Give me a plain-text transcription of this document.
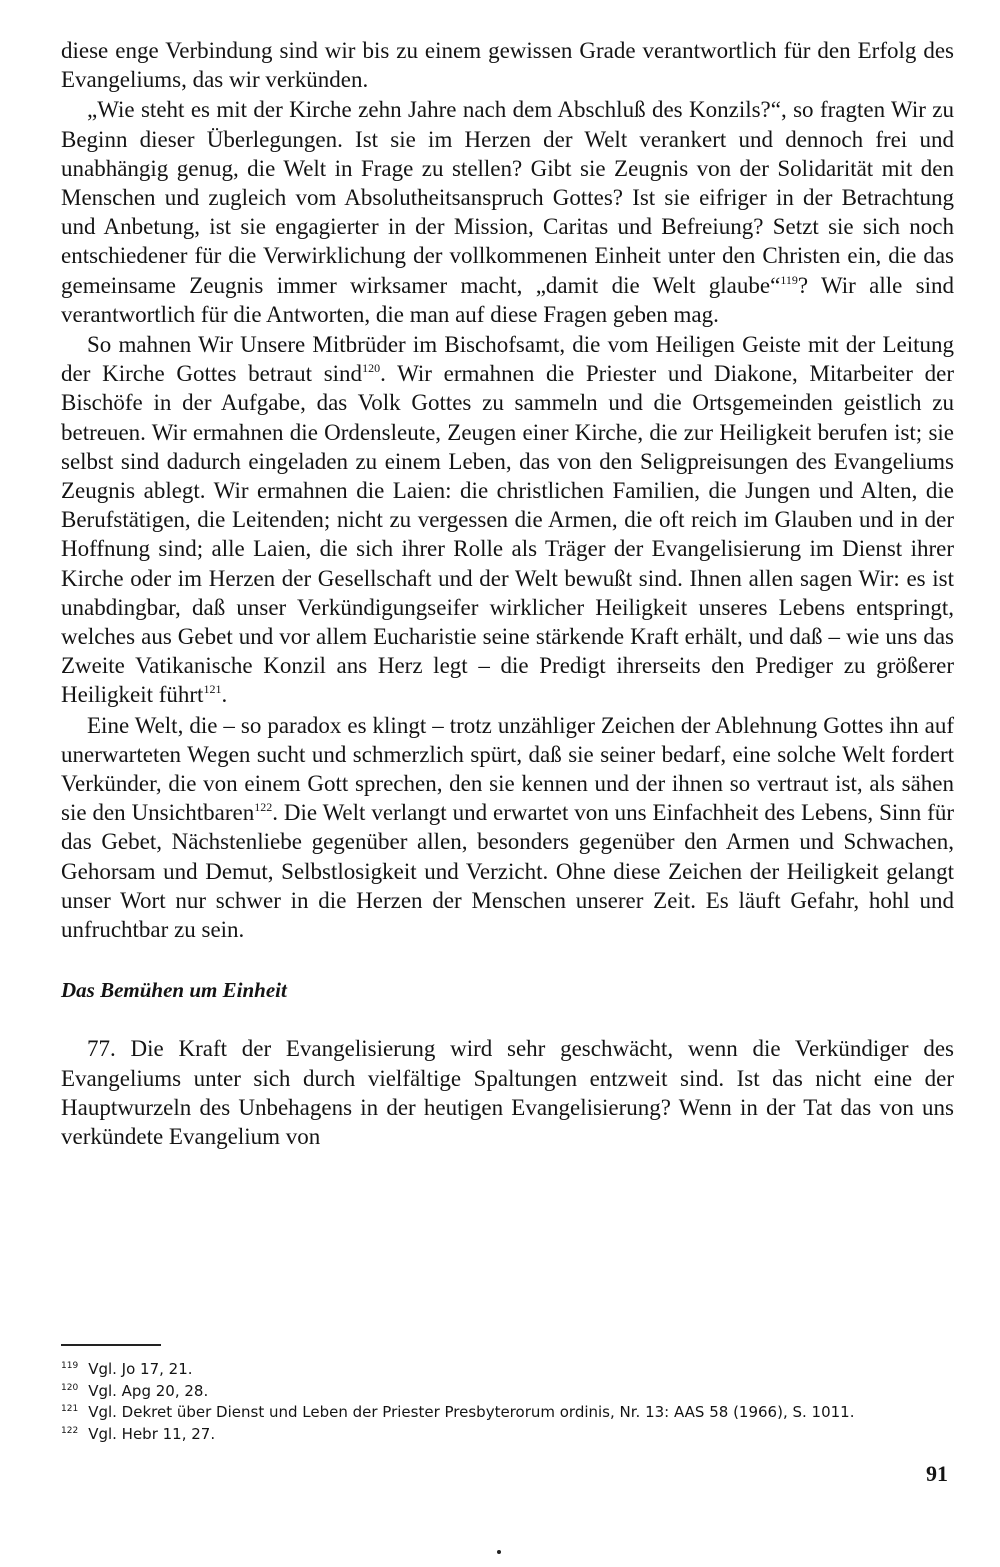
diese enge Verbindung sind wir bis zu einem gewissen Grade verantwortlich für den Erfolg des Evangeliums, das wir verkünden.

„Wie steht es mit der Kirche zehn Jahre nach dem Abschluß des Konzils?“, so fragten Wir zu Beginn dieser Überlegungen. Ist sie im Herzen der Welt verankert und dennoch frei und unabhängig genug, die Welt in Frage zu stellen? Gibt sie Zeugnis von der Solidarität mit den Menschen und zugleich vom Absolutheitsanspruch Gottes? Ist sie eifriger in der Betrachtung und Anbetung, ist sie engagierter in der Mission, Caritas und Befreiung? Setzt sie sich noch entschiedener für die Verwirklichung der vollkommenen Einheit unter den Christen ein, die das gemeinsame Zeugnis immer wirksamer macht, „damit die Welt glaube“$^{119}$? Wir alle sind verantwortlich für die Antworten, die man auf diese Fragen geben mag.

So mahnen Wir Unsere Mitbrüder im Bischofsamt, die vom Heiligen Geiste mit der Leitung der Kirche Gottes betraut sind$^{120}$. Wir ermahnen die Priester und Diakone, Mitarbeiter der Bischöfe in der Aufgabe, das Volk Gottes zu sammeln und die Ortsgemeinden geistlich zu betreuen. Wir ermahnen die Ordensleute, Zeugen einer Kirche, die zur Heiligkeit berufen ist; sie selbst sind dadurch eingeladen zu einem Leben, das von den Seligpreisungen des Evangeliums Zeugnis ablegt. Wir ermahnen die Laien: die christlichen Familien, die Jungen und Alten, die Berufstätigen, die Leitenden; nicht zu vergessen die Armen, die oft reich im Glauben und in der Hoffnung sind; alle Laien, die sich ihrer Rolle als Träger der Evangelisierung im Dienst ihrer Kirche oder im Herzen der Gesellschaft und der Welt bewußt sind. Ihnen allen sagen Wir: es ist unabdingbar, daß unser Verkündigungseifer wirklicher Heiligkeit unseres Lebens entspringt, welches aus Gebet und vor allem Eucharistie seine stärkende Kraft erhält, und daß – wie uns das Zweite Vatikanische Konzil ans Herz legt – die Predigt ihrerseits den Prediger zu größerer Heiligkeit führt$^{121}$.

Eine Welt, die – so paradox es klingt – trotz unzähliger Zeichen der Ablehnung Gottes ihn auf unerwarteten Wegen sucht und schmerzlich spürt, daß sie seiner bedarf, eine solche Welt fordert Verkünder, die von einem Gott sprechen, den sie kennen und der ihnen so vertraut ist, als sähen sie den Unsichtbaren$^{122}$. Die Welt verlangt und erwartet von uns Einfachheit des Lebens, Sinn für das Gebet, Nächstenliebe gegenüber allen, besonders gegenüber den Armen und Schwachen, Gehorsam und Demut, Selbstlosigkeit und Verzicht. Ohne diese Zeichen der Heiligkeit gelangt unser Wort nur schwer in die Herzen der Menschen unserer Zeit. Es läuft Gefahr, hohl und unfruchtbar zu sein.

Das Bemühen um Einheit

77. Die Kraft der Evangelisierung wird sehr geschwächt, wenn die Verkündiger des Evangeliums unter sich durch vielfältige Spaltungen entzweit sind. Ist das nicht eine der Hauptwurzeln des Unbehagens in der heutigen Evangelisierung? Wenn in der Tat das von uns verkündete Evangelium von

$^{119}$ Vgl. Jo 17, 21.

$^{120}$ Vgl. Apg 20, 28.

$^{121}$ Vgl. Dekret über Dienst und Leben der Priester Presbyterorum ordinis, Nr. 13: AAS 58 (1966), S. 1011.

$^{122}$ Vgl. Hebr 11, 27.

91
